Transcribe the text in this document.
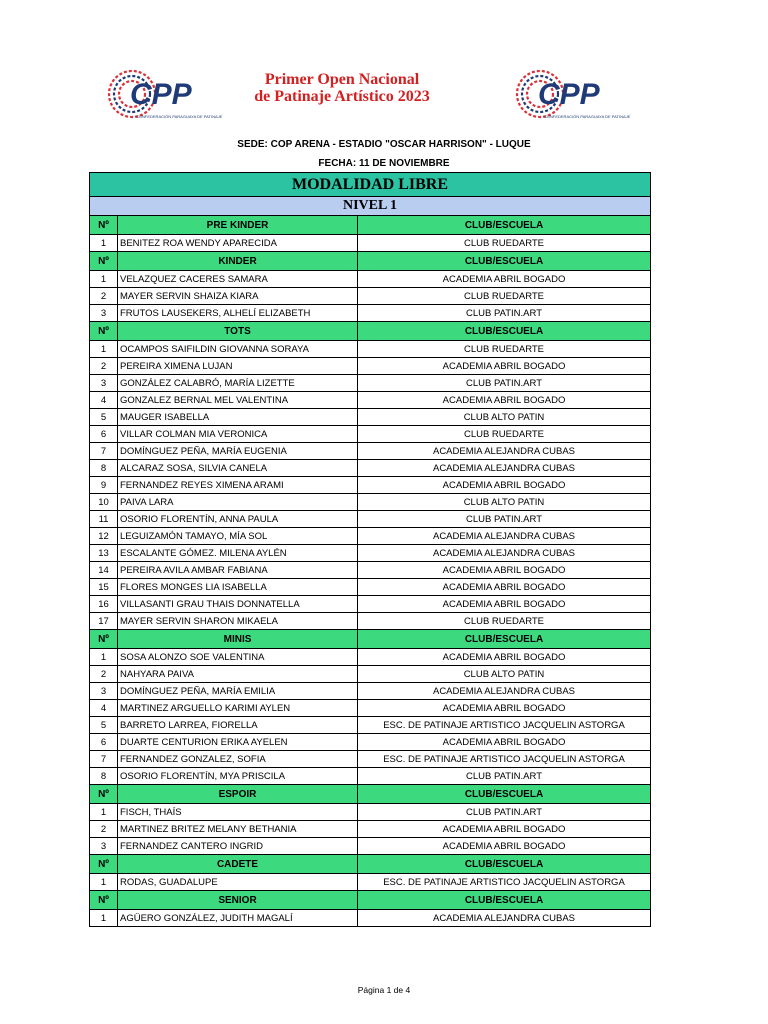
CPP
CONFEDERACIÓN PARAGUAYA DE PATINAJE
Primer Open Nacional
de Patinaje Artístico 2023	CPP
CONFEDERACIÓN PARAGUAYA DE PATINAJE
SEDE: COP ARENA - ESTADIO "OSCAR HARRISON" - LUQUE
FECHA: 11 DE NOVIEMBRE
MODALIDAD LIBRE		
NIVEL 1		
Nº	PRE KINDER	CLUB/ESCUELA
1	BENITEZ ROA WENDY APARECIDA	CLUB RUEDARTE
Nº	KINDER	CLUB/ESCUELA
1	VELAZQUEZ CACERES SAMARA	ACADEMIA ABRIL BOGADO
2	MAYER SERVIN SHAIZA KIARA	CLUB RUEDARTE
3	FRUTOS LAUSEKERS, ALHELÍ ELIZABETH	CLUB PATIN.ART
Nº	TOTS	CLUB/ESCUELA
1	OCAMPOS SAIFILDIN GIOVANNA SORAYA	CLUB RUEDARTE
2	PEREIRA XIMENA LUJAN	ACADEMIA ABRIL BOGADO
3	GONZÁLEZ CALABRÓ, MARÍA LIZETTE	CLUB PATIN.ART
4	GONZALEZ BERNAL MEL VALENTINA	ACADEMIA ABRIL BOGADO
5	MAUGER ISABELLA	CLUB ALTO PATIN
6	VILLAR COLMAN MIA VERONICA	CLUB RUEDARTE
7	DOMÍNGUEZ PEÑA, MARÍA EUGENIA	ACADEMIA ALEJANDRA CUBAS
8	ALCARAZ SOSA, SILVIA CANELA	ACADEMIA ALEJANDRA CUBAS
9	FERNANDEZ REYES XIMENA ARAMI	ACADEMIA ABRIL BOGADO
10	PAIVA LARA	CLUB ALTO PATIN
11	OSORIO FLORENTÍN, ANNA PAULA	CLUB PATIN.ART
12	LEGUIZAMÓN TAMAYO, MÍA SOL	ACADEMIA ALEJANDRA CUBAS
13	ESCALANTE GÓMEZ. MILENA AYLÉN	ACADEMIA ALEJANDRA CUBAS
14	PEREIRA AVILA AMBAR FABIANA	ACADEMIA ABRIL BOGADO
15	FLORES MONGES LIA ISABELLA	ACADEMIA ABRIL BOGADO
16	VILLASANTI GRAU THAIS DONNATELLA	ACADEMIA ABRIL BOGADO
17	MAYER SERVIN SHARON MIKAELA	CLUB RUEDARTE
Nº	MINIS	CLUB/ESCUELA
1	SOSA ALONZO SOE VALENTINA	ACADEMIA ABRIL BOGADO
2	NAHYARA PAIVA	CLUB ALTO PATIN
3	DOMÍNGUEZ PEÑA, MARÍA EMILIA	ACADEMIA ALEJANDRA CUBAS
4	MARTINEZ ARGUELLO KARIMI AYLEN	ACADEMIA ABRIL BOGADO
5	BARRETO LARREA, FIORELLA	ESC. DE PATINAJE ARTISTICO JACQUELIN ASTORGA
6	DUARTE CENTURION ERIKA AYELEN	ACADEMIA ABRIL BOGADO
7	FERNANDEZ GONZALEZ, SOFIA	ESC. DE PATINAJE ARTISTICO JACQUELIN ASTORGA
8	OSORIO FLORENTÍN, MYA PRISCILA	CLUB PATIN.ART
Nº	ESPOIR	CLUB/ESCUELA
1	FISCH, THAÍS	CLUB PATIN.ART
2	MARTINEZ BRITEZ MELANY BETHANIA	ACADEMIA ABRIL BOGADO
3	FERNANDEZ CANTERO INGRID	ACADEMIA ABRIL BOGADO
Nº	CADETE	CLUB/ESCUELA
1	RODAS, GUADALUPE	ESC. DE PATINAJE ARTISTICO JACQUELIN ASTORGA
Nº	SENIOR	CLUB/ESCUELA
1	AGÜERO GONZÁLEZ, JUDITH MAGALÍ	ACADEMIA ALEJANDRA CUBAS
Página 1 de 4
